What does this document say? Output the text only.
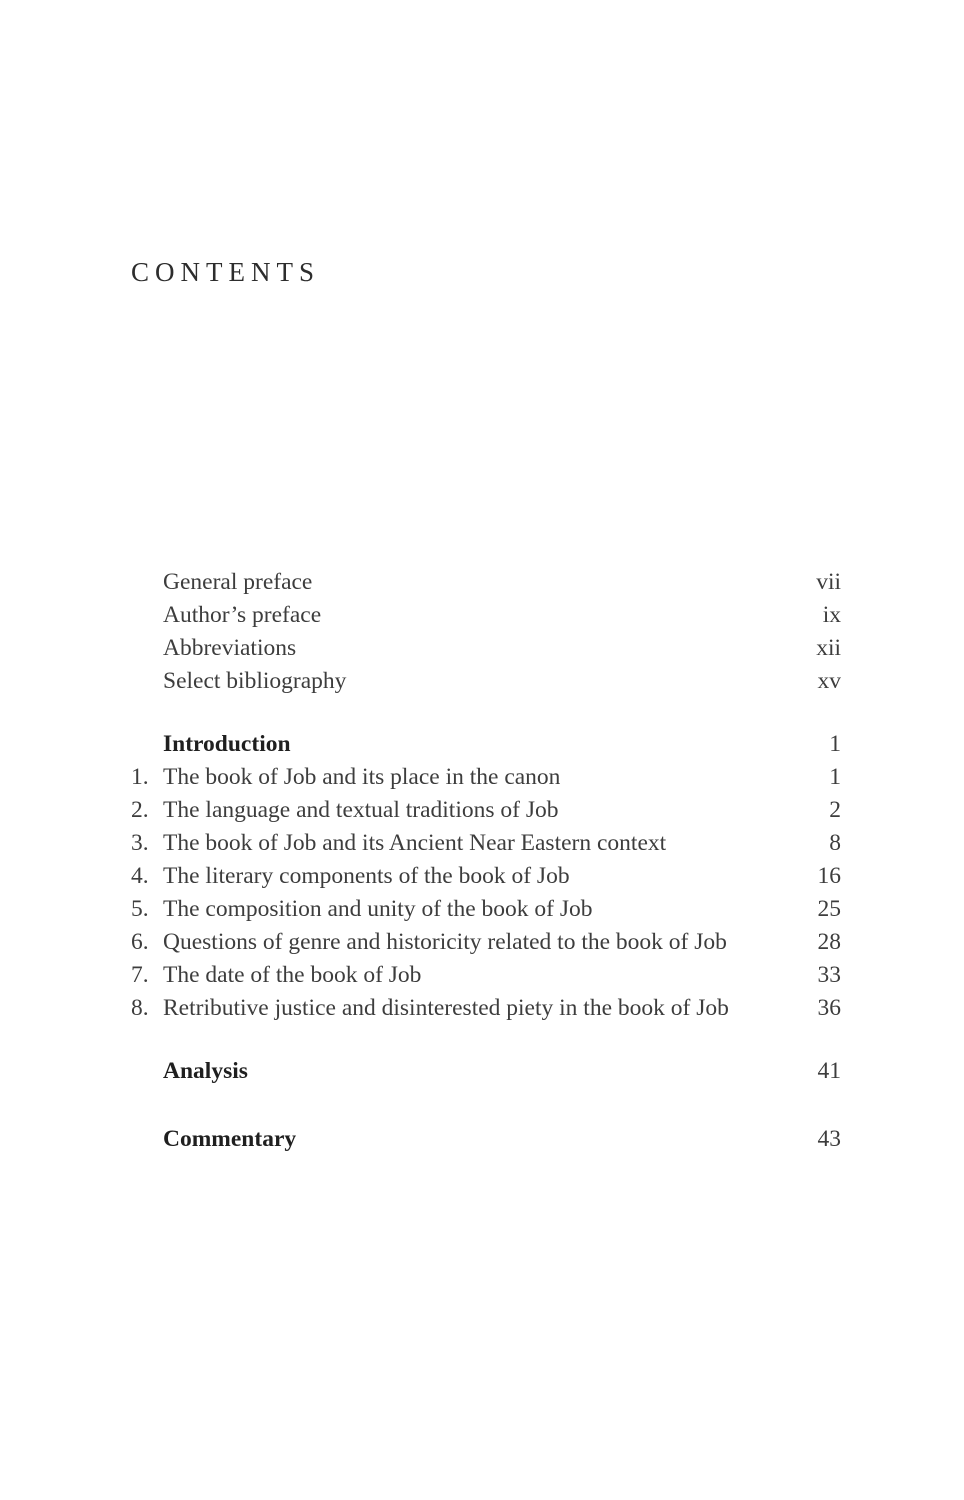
CONTENTS
General preface	vii
Author’s preface	ix
Abbreviations	xii
Select bibliography	xv
Introduction	1
1. The book of Job and its place in the canon	1
2. The language and textual traditions of Job	2
3. The book of Job and its Ancient Near Eastern context	8
4. The literary components of the book of Job	16
5. The composition and unity of the book of Job	25
6. Questions of genre and historicity related to the book of Job	28
7. The date of the book of Job	33
8. Retributive justice and disinterested piety in the book of Job	36
Analysis	41
Commentary	43
